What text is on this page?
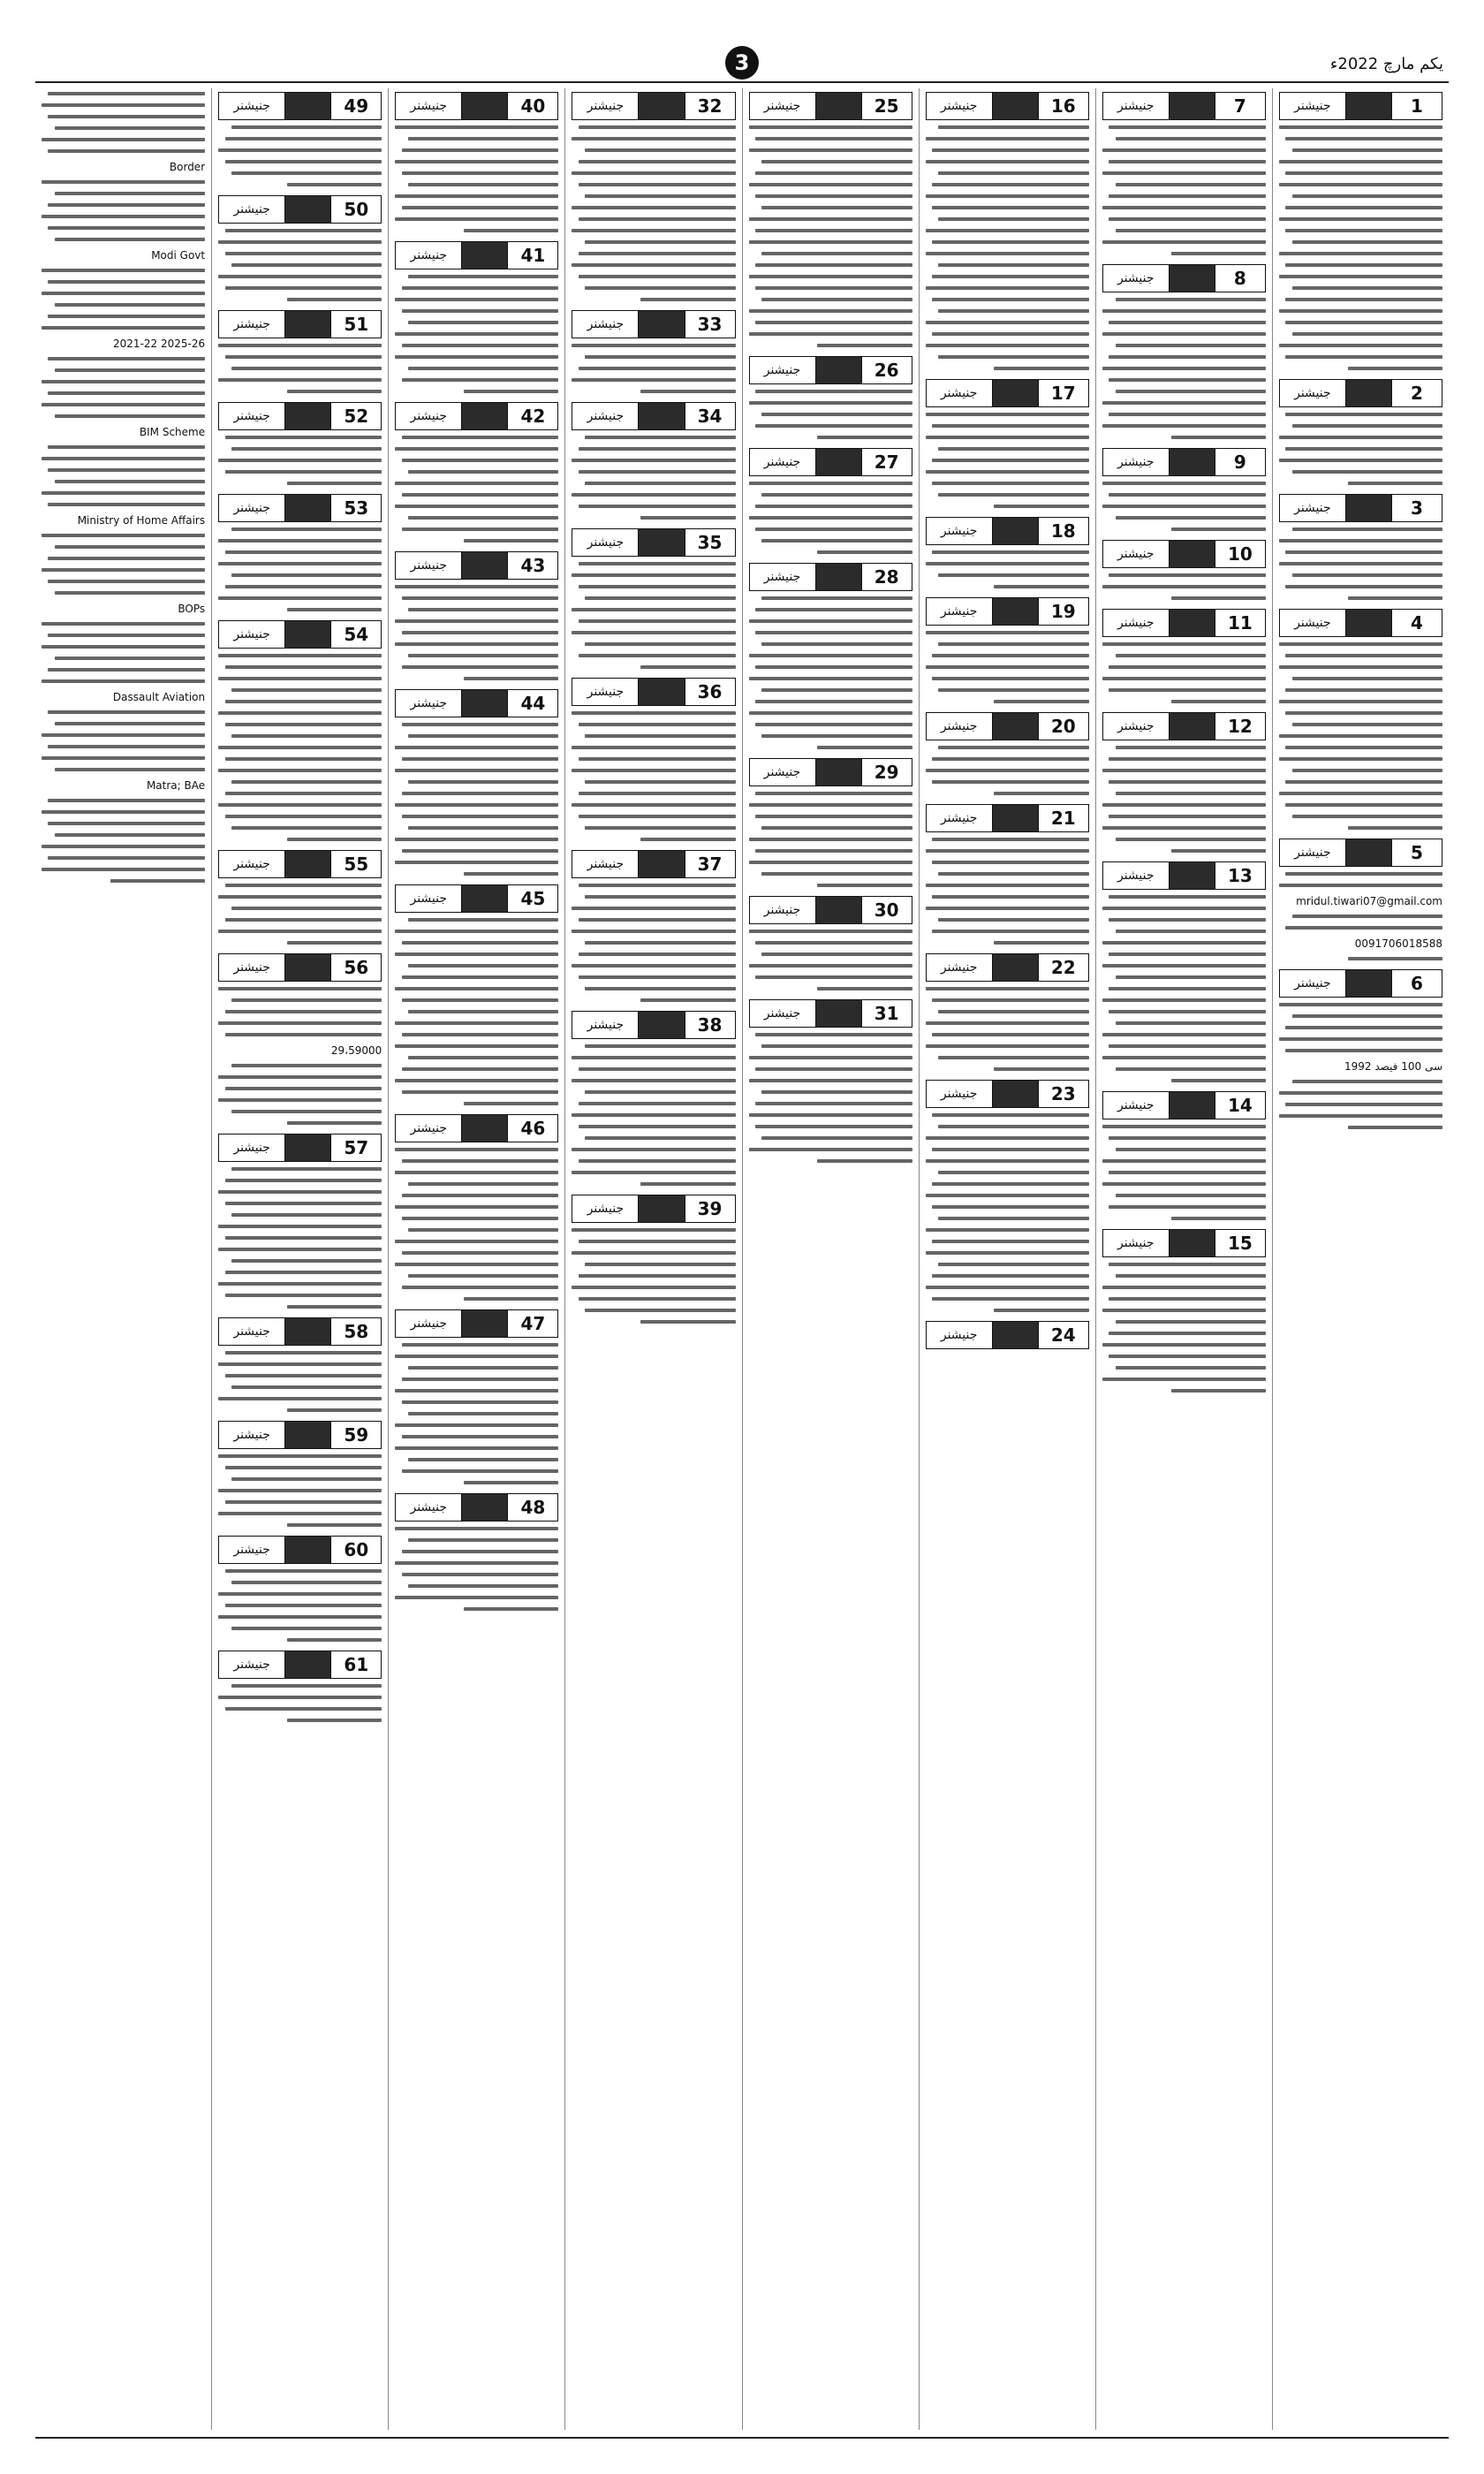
3	یکم مارچ 2022ء
1
جنیشنر
2
جنیشنر
3
جنیشنر
4
جنیشنر
5
جنیشنر
mridul.tiwari07@gmail.com
0091706018588
6
جنیشنر
1992 سی 100 فیصد
7
جنیشنر
8
جنیشنر
9
جنیشنر
10
جنیشنر
11
جنیشنر
12
جنیشنر
13
جنیشنر
14
جنیشنر
15
جنیشنر
16
جنیشنر
17
جنیشنر
18
جنیشنر
19
جنیشنر
20
جنیشنر
21
جنیشنر
22
جنیشنر
23
جنیشنر
24
جنیشنر
25
جنیشنر
26
جنیشنر
27
جنیشنر
28
جنیشنر
29
جنیشنر
30
جنیشنر
31
جنیشنر
32
جنیشنر
33
جنیشنر
34
جنیشنر
35
جنیشنر
36
جنیشنر
37
جنیشنر
38
جنیشنر
39
جنیشنر
40
جنیشنر
41
جنیشنر
42
جنیشنر
43
جنیشنر
44
جنیشنر
45
جنیشنر
46
جنیشنر
47
جنیشنر
48
جنیشنر
49
جنیشنر
50
جنیشنر
51
جنیشنر
52
جنیشنر
53
جنیشنر
54
جنیشنر
55
جنیشنر
56
جنیشنر
29،59000
57
جنیشنر
58
جنیشنر
59
جنیشنر
60
جنیشنر
61
جنیشنر
Border
Modi Govt
2021-22 2025-26
BIM Scheme
Ministry of Home Affairs
BOPs
Dassault Aviation
Matra; BAe
